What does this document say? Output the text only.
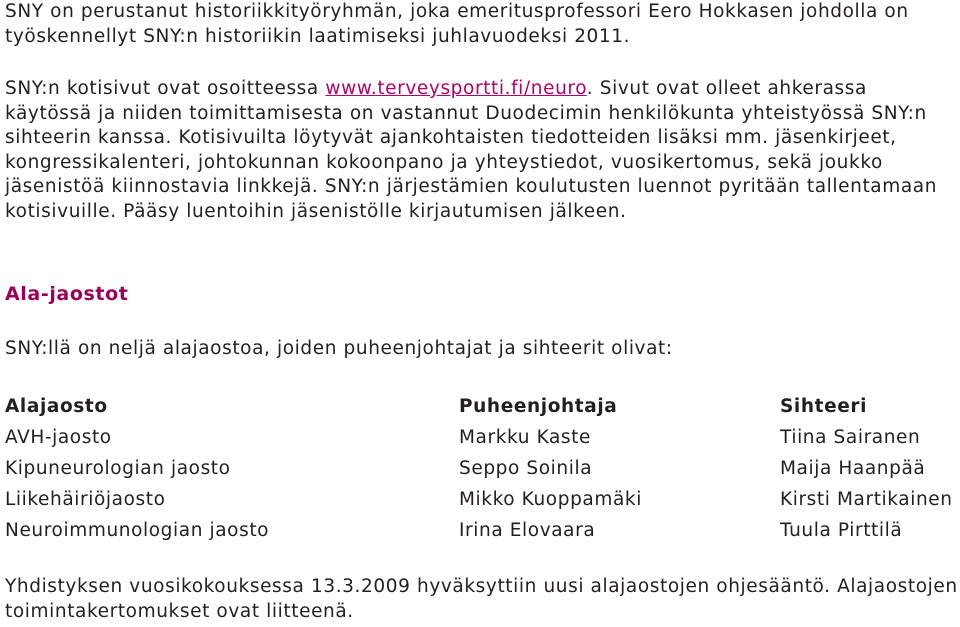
SNY on perustanut historiikkityöryhmän, joka emeritusprofessori Eero Hokkasen johdolla on työskennellyt SNY:n historiikin laatimiseksi juhlavuodeksi 2011.

SNY:n kotisivut ovat osoitteessa www.terveysportti.fi/neuro. Sivut ovat olleet ahkerassa käytössä ja niiden toimittamisesta on vastannut Duodecimin henkilökunta yhteistyössä SNY:n sihteerin kanssa. Kotisivuilta löytyvät ajankohtaisten tiedotteiden lisäksi mm. jäsenkirjeet, kongressikalenteri, johtokunnan kokoonpano ja yhteystiedot, vuosikertomus, sekä joukko jäsenistöä kiinnostavia linkkejä. SNY:n järjestämien koulutusten luennot pyritään tallentamaan kotisivuille. Pääsy luentoihin jäsenistölle kirjautumisen jälkeen.

Ala-jaostot

SNY:llä on neljä alajaostoa, joiden puheenjohtajat ja sihteerit olivat:

Alajaosto	Puheenjohtaja	Sihteeri
AVH-jaosto	Markku Kaste	Tiina Sairanen
Kipuneurologian jaosto	Seppo Soinila	Maija Haanpää
Liikehäiriöjaosto	Mikko Kuoppamäki	Kirsti Martikainen
Neuroimmunologian jaosto	Irina Elovaara	Tuula Pirttilä

Yhdistyksen vuosikokouksessa 13.3.2009 hyväksyttiin uusi alajaostojen ohjesääntö. Alajaostojen toimintakertomukset ovat liitteenä.
